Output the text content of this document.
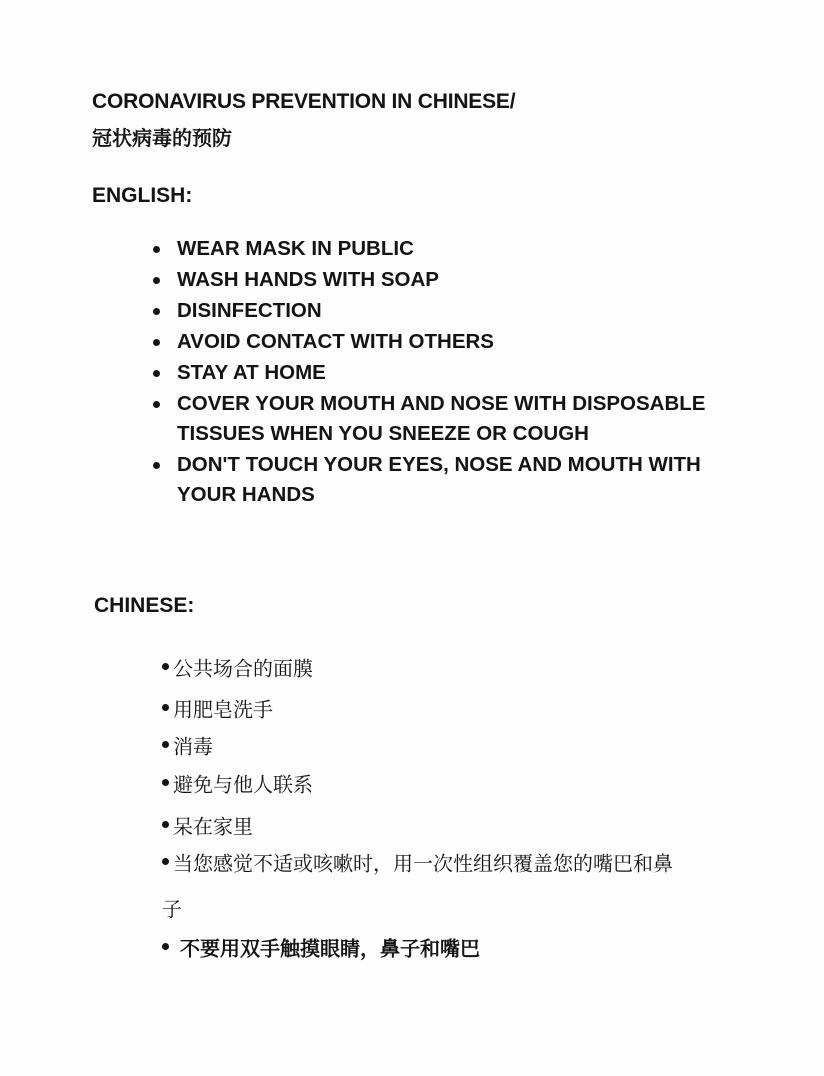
CORONAVIRUS PREVENTION IN CHINESE/
冠状病毒的预防
ENGLISH:
WEAR MASK IN PUBLIC
WASH HANDS WITH SOAP
DISINFECTION
AVOID CONTACT WITH OTHERS
STAY AT HOME
COVER YOUR MOUTH AND NOSE WITH DISPOSABLE TISSUES WHEN YOU SNEEZE OR COUGH
DON'T TOUCH YOUR EYES, NOSE AND MOUTH WITH YOUR HANDS
CHINESE:
公共场合的面膜
用肥皂洗手
消毒
避免与他人联系
呆在家里
当您感觉不适或咳嗽时，用一次性组织覆盖您的嘴巴和鼻
子
不要用双手触摸眼睛，鼻子和嘴巴
